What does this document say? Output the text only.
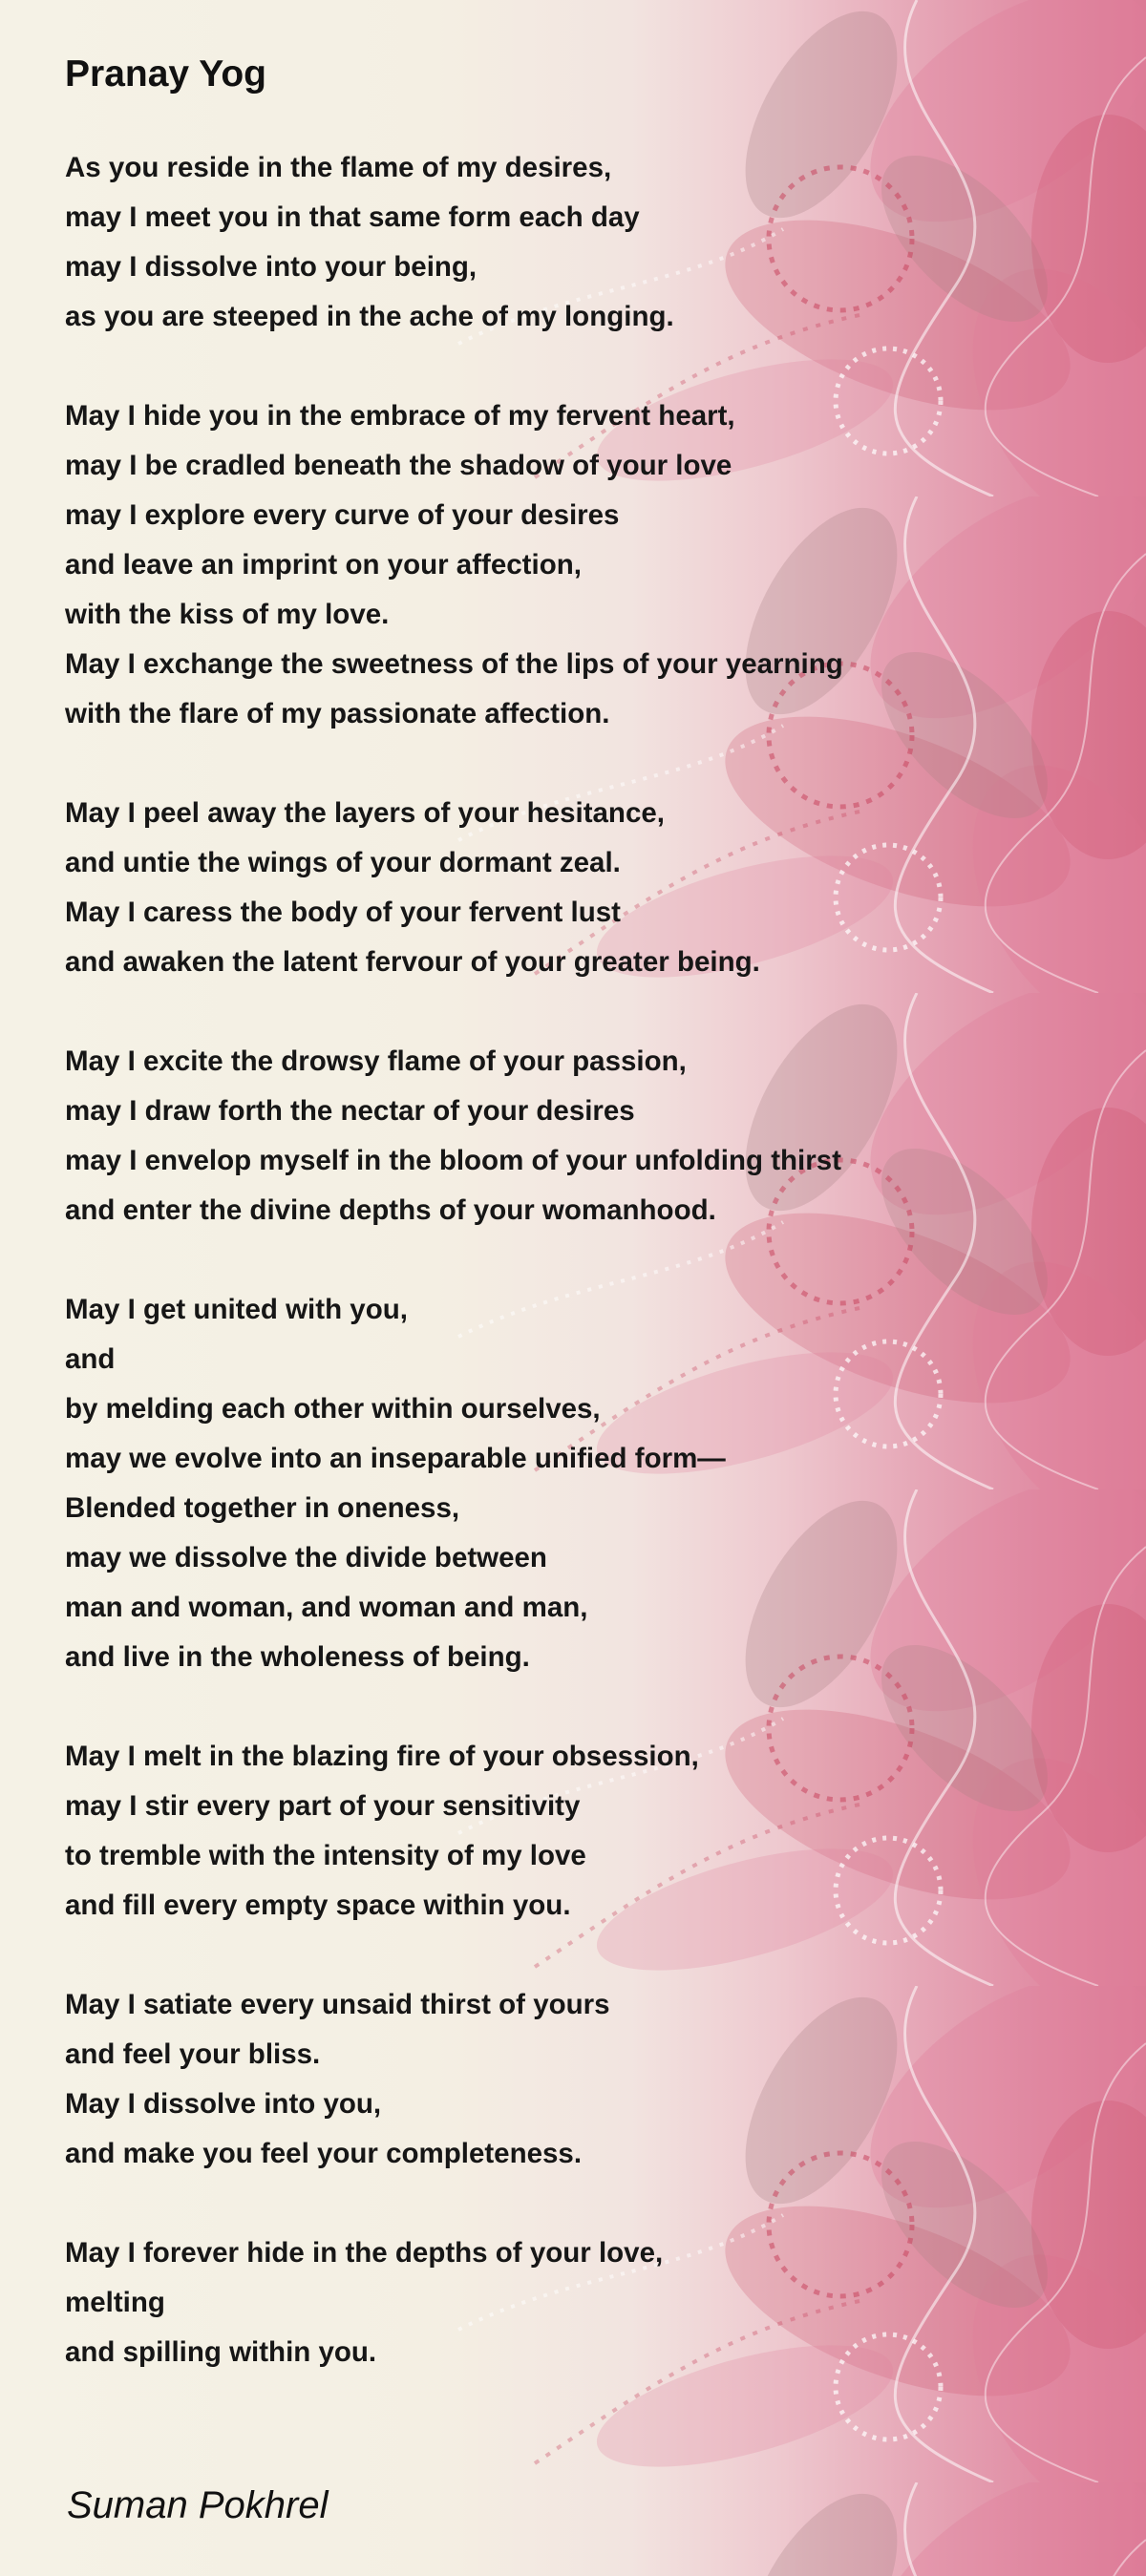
Pranay Yog
As you reside in the flame of my desires,
may I meet you in that same form each day
may I dissolve into your being,
as you are steeped in the ache of my longing.
May I hide you in the embrace of my fervent heart,
may I be cradled beneath the shadow of your love
may I explore every curve of your desires
and leave an imprint on your affection,
with the kiss of my love.
May I exchange the sweetness of the lips of your yearning
with the flare of my passionate affection.
May I peel away the layers of your hesitance,
and untie the wings of your dormant zeal.
May I caress the body of your fervent lust
and awaken the latent fervour of your greater being.
May I excite the drowsy flame of your passion,
may I draw forth the nectar of your desires
may I envelop myself in the bloom of your unfolding thirst
and enter the divine depths of your womanhood.
May I get united with you,
and
by melding each other within ourselves,
may we evolve into an inseparable unified form—
Blended together in oneness,
may we dissolve the divide between
man and woman, and woman and man,
and live in the wholeness of being.
May I melt in the blazing fire of your obsession,
may I stir every part of your sensitivity
to tremble with the intensity of my love
and fill every empty space within you.
May I satiate every unsaid thirst of yours
and feel your bliss.
May I dissolve into you,
and make you feel your completeness.
May I forever hide in the depths of your love,
melting
and spilling within you.
Suman Pokhrel
